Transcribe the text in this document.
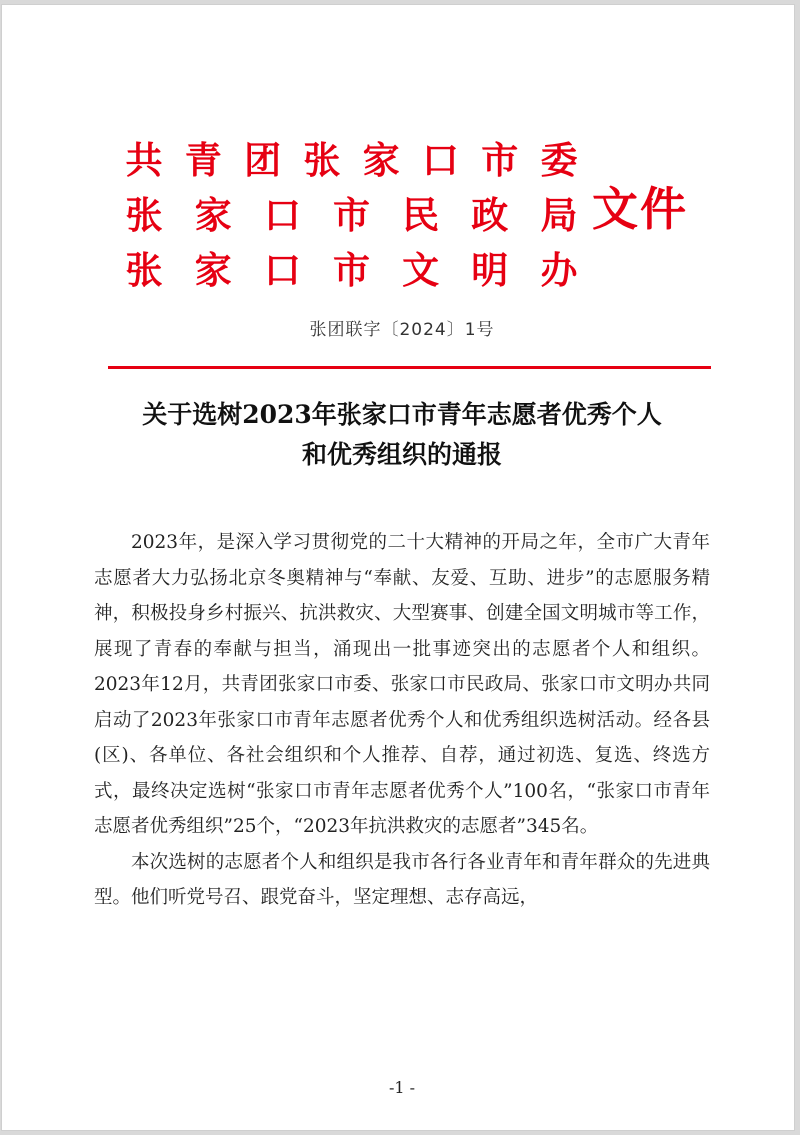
共 青 团 张 家 口 市 委
张 家 口 市 民 政 局
张 家 口 市 文 明 办
文件
张团联字〔2024〕1号
关于选树2023年张家口市青年志愿者优秀个人
和优秀组织的通报

2023年，是深入学习贯彻党的二十大精神的开局之年，全市广大青年志愿者大力弘扬北京冬奥精神与“奉献、友爱、互助、进步”的志愿服务精神，积极投身乡村振兴、抗洪救灾、大型赛事、创建全国文明城市等工作，展现了青春的奉献与担当，涌现出一批事迹突出的志愿者个人和组织。2023年12月，共青团张家口市委、张家口市民政局、张家口市文明办共同启动了2023年张家口市青年志愿者优秀个人和优秀组织选树活动。经各县(区)、各单位、各社会组织和个人推荐、自荐，通过初选、复选、终选方式，最终决定选树“张家口市青年志愿者优秀个人”100名，“张家口市青年志愿者优秀组织”25个，“2023年抗洪救灾的志愿者”345名。

本次选树的志愿者个人和组织是我市各行各业青年和青年群众的先进典型。他们听党号召、跟党奋斗，坚定理想、志存高远，

-1 -
